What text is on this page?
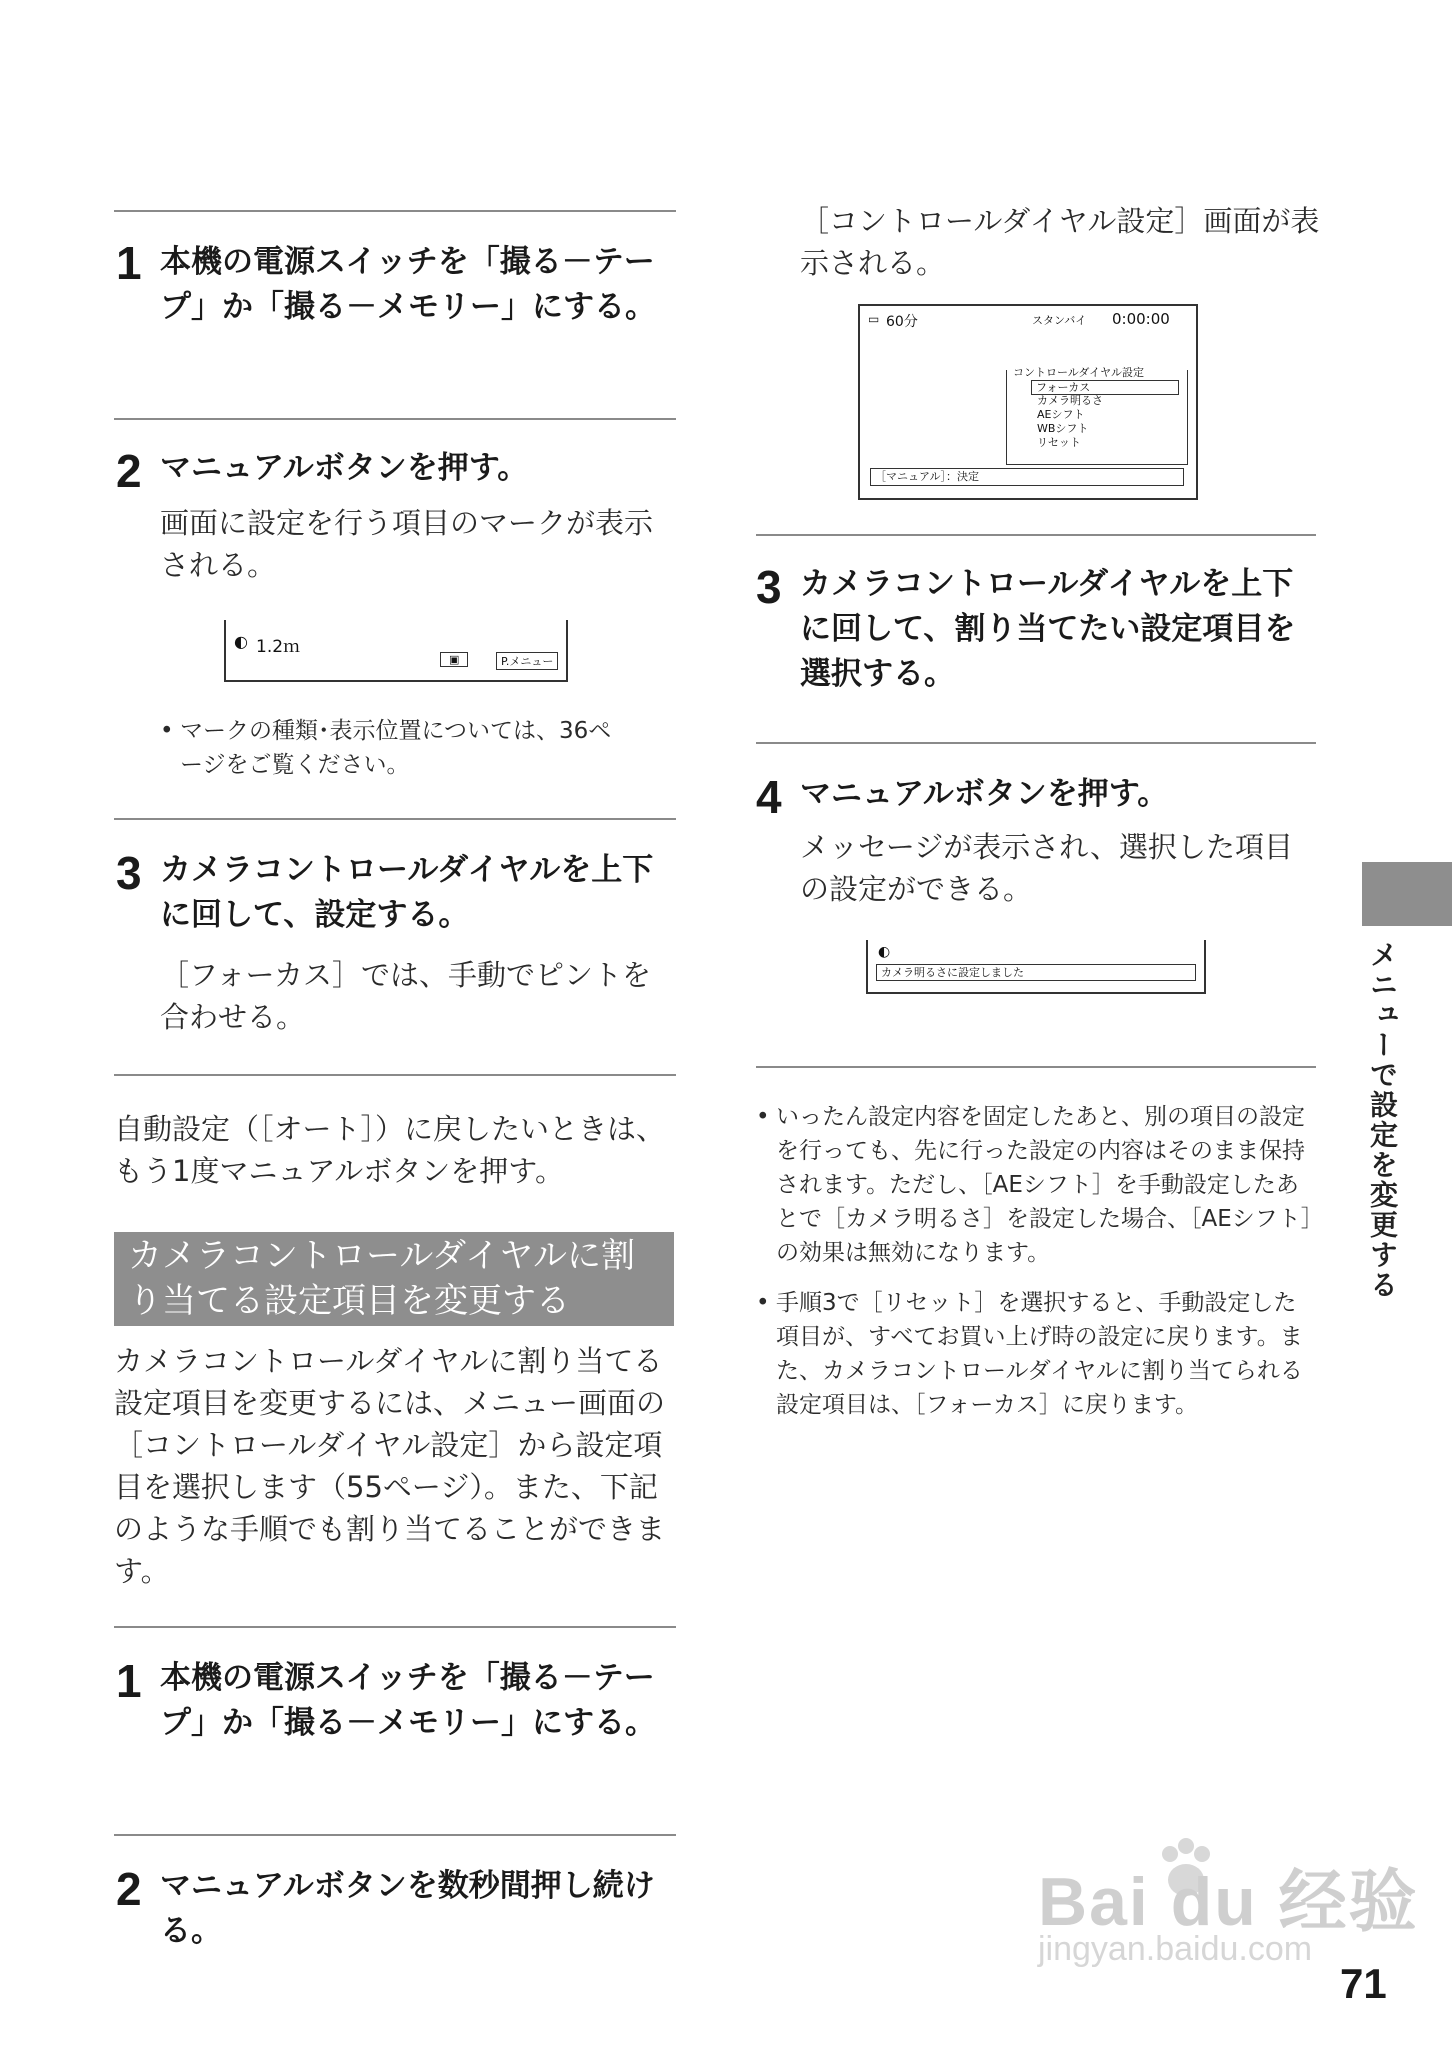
1 本機の電源スイッチを「撮る－テープ」か「撮る－メモリー」にする。

2 マニュアルボタンを押す。

画面に設定を行う項目のマークが表示される。

◐ 1.2ｍ
▣	P.メニュー
• マークの種類･表示位置については、36ページをご覧ください。
3 カメラコントロールダイヤルを上下に回して、設定する。

［フォーカス］では、手動でピントを合わせる。

自動設定（［オート］）に戻したいときは、もう1度マニュアルボタンを押す。

カメラコントロールダイヤルに割り当てる設定項目を変更する

カメラコントロールダイヤルに割り当てる設定項目を変更するには、メニュー画面の［コントロールダイヤル設定］から設定項目を選択します（55ページ）。また、下記のような手順でも割り当てることができます。

1 本機の電源スイッチを「撮る－テープ」か「撮る－メモリー」にする。

2 マニュアルボタンを数秒間押し続ける。

［コントロールダイヤル設定］画面が表示される。

▭ 60分	スタンバイ 0:00:00
コントロールダイヤル設定
フォーカス
カメラ明るさ
AEシフト
WBシフト
リセット
［マニュアル］：決定
3 カメラコントロールダイヤルを上下に回して、割り当てたい設定項目を選択する。

4 マニュアルボタンを押す。

メッセージが表示され、選択した項目の設定ができる。

◐
カメラ明るさに設定しました
• いったん設定内容を固定したあと、別の項目の設定を行っても、先に行った設定の内容はそのまま保持されます。ただし、［AEシフト］を手動設定したあとで［カメラ明るさ］を設定した場合、［AEシフト］の効果は無効になります。
• 手順3で［リセット］を選択すると、手動設定した項目が、すべてお買い上げ時の設定に戻ります。また、カメラコントロールダイヤルに割り当てられる設定項目は、［フォーカス］に戻ります。
メニューで設定を変更する
Bai du 经验
jingyan.baidu.com
71
